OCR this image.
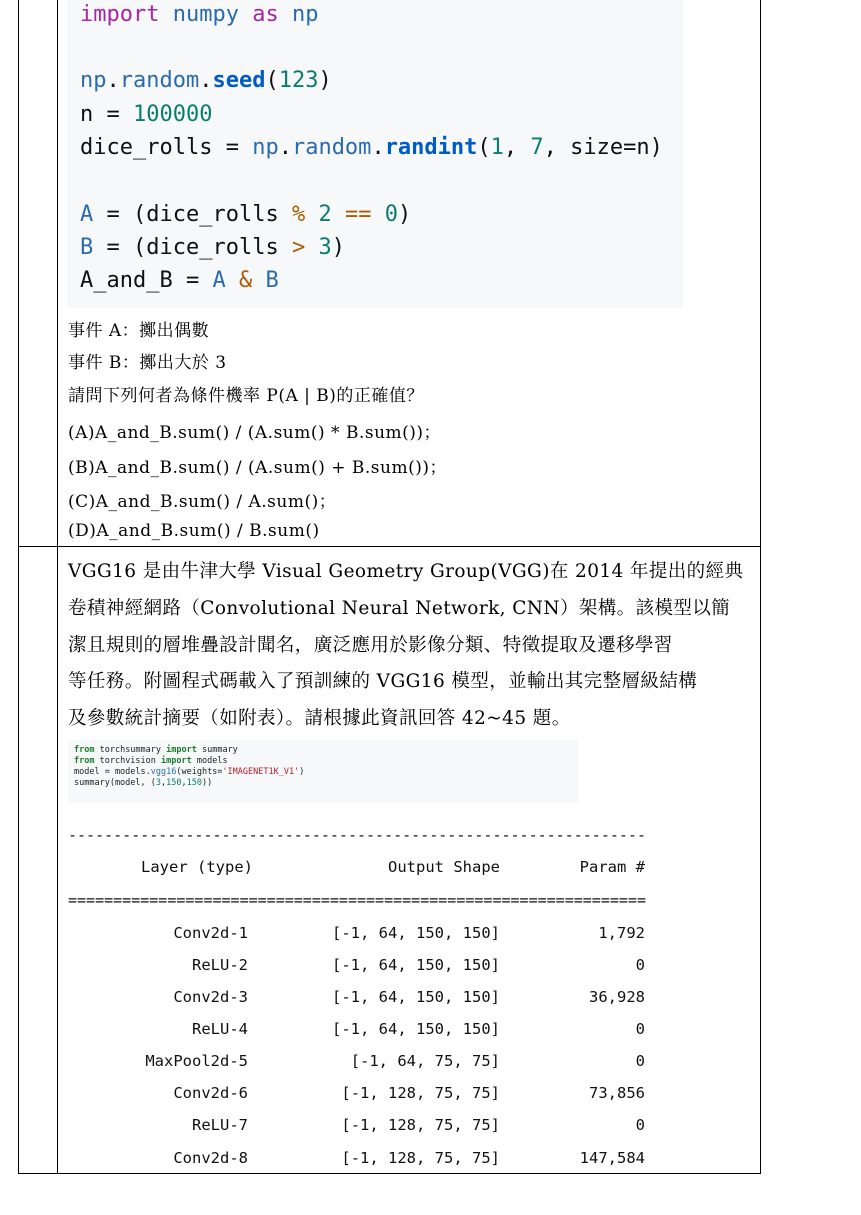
import numpy as np
np.random.seed(123)
n = 100000
dice_rolls = np.random.randint(1, 7, size=n)
A = (dice_rolls % 2 == 0)
B = (dice_rolls > 3)
A_and_B = A & B
事件 A：擲出偶數
事件 B：擲出大於 3
請問下列何者為條件機率 P(A | B)的正確值？
(A)A_and_B.sum() / (A.sum() * B.sum())；
(B)A_and_B.sum() / (A.sum() + B.sum())；
(C)A_and_B.sum() / A.sum()；
(D)A_and_B.sum() / B.sum()
VGG16 是由牛津大學 Visual Geometry Group(VGG)在 2014 年提出的經典
卷積神經網路（Convolutional Neural Network, CNN）架構。該模型以簡
潔且規則的層堆疊設計聞名，廣泛應用於影像分類、特徵提取及遷移學習
等任務。附圖程式碼載入了預訓練的 VGG16 模型，並輸出其完整層級結構
及參數統計摘要（如附表）。請根據此資訊回答 42~45 題。
from torchsummary import summary
from torchvision import models
model = models.vgg16(weights='IMAGENET1K_V1')
summary(model, (3,150,150))
----------------------------------------------------------------
Layer (type)	Output Shape	Param #
================================================================
Conv2d-1	[-1, 64, 150, 150]	1,792
ReLU-2	[-1, 64, 150, 150]	0
Conv2d-3	[-1, 64, 150, 150]	36,928
ReLU-4	[-1, 64, 150, 150]	0
MaxPool2d-5	[-1, 64, 75, 75]	0
Conv2d-6	[-1, 128, 75, 75]	73,856
ReLU-7	[-1, 128, 75, 75]	0
Conv2d-8	[-1, 128, 75, 75]	147,584
